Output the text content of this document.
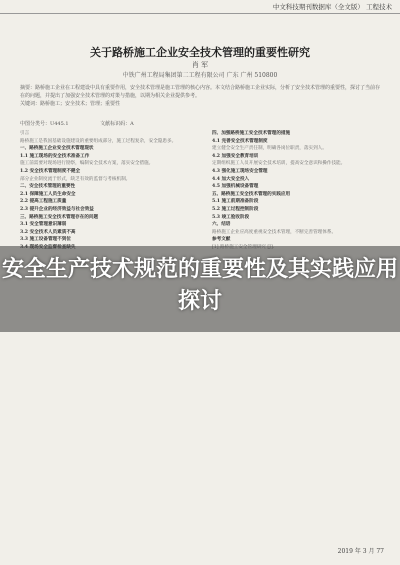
中文科技期刊数据库（全文版） 工程技术
关于路桥施工企业安全技术管理的重要性研究
肖 军
中铁广州工程局集团第二工程有限公司 广东 广州 510800
摘要：路桥施工企业在工程建设中具有重要作用，安全技术管理是施工管理的核心内容。本文结合路桥施工企业实际，分析了安全技术管理的重要性，探讨了当前存在的问题，并提出了加强安全技术管理的对策与措施，以期为相关企业提供参考。
关键词：路桥施工；安全技术；管理；重要性
中图分类号：U445.1	文献标识码：A
引言
路桥施工是我国基础设施建设的重要组成部分，施工过程复杂，安全隐患多。
一、路桥施工企业安全技术管理现状
1.1 施工现场的安全技术准备工作
施工前需要对现场进行勘察，编制安全技术方案，落实安全措施。
1.2 安全技术管理制度不健全
部分企业制度流于形式，缺乏有效的监督与考核机制。
二、安全技术管理的重要性
2.1 保障施工人员生命安全
2.2 提高工程施工质量
2.3 提升企业的经济效益与社会效益
三、路桥施工安全技术管理存在的问题
3.1 安全管理意识薄弱
3.2 安全技术人员素质不高
3.3 施工设备管理不到位
四、加强路桥施工安全技术管理的措施
4.1 完善安全技术管理制度
建立健全安全生产责任制，明确各岗位职责，落实到人。
4.2 加强安全教育培训
定期组织施工人员开展安全技术培训，提高安全意识和操作技能。
4.3 强化施工现场安全管理
4.4 加大安全投入
4.5 加强机械设备管理
五、路桥施工安全技术管理的实践应用
5.1 施工前期准备阶段
5.2 施工过程控制阶段
5.3 竣工验收阶段
六、结语
路桥施工企业应高度重视安全技术管理，不断完善管理体系。
参考文献
2019 年 3 月 77
安全生产技术规范的重要性及其实践应用探讨
